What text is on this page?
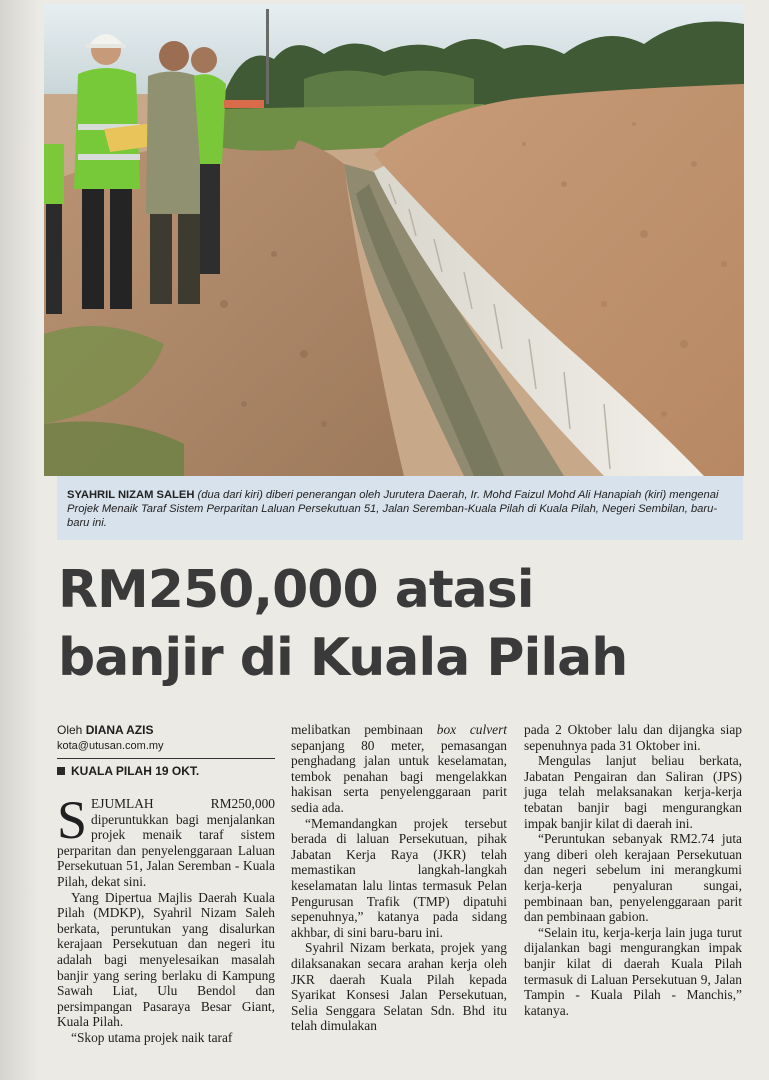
SYAHRIL NIZAM SALEH (dua dari kiri) diberi penerangan oleh Jurutera Daerah, Ir. Mohd Faizul Mohd Ali Hanapiah (kiri) mengenai Projek Menaik Taraf Sistem Perparitan Laluan Persekutuan 51, Jalan Seremban-Kuala Pilah di Kuala Pilah, Negeri Sembilan, baru-baru ini.
RM250,000 atasi
banjir di Kuala Pilah
Oleh DIANA AZIS
kota@utusan.com.my
KUALA PILAH 19 OKT.

SEJUMLAH RM250,000 diperuntukkan bagi menjalankan projek menaik taraf sistem perparitan dan penyelenggaraan Laluan Persekutuan 51, Jalan Seremban - Kuala Pilah, dekat sini.

Yang Dipertua Majlis Daerah Kuala Pilah (MDKP), Syahril Nizam Saleh berkata, peruntukan yang disalurkan kerajaan Persekutuan dan negeri itu adalah bagi menyelesaikan masalah banjir yang sering berlaku di Kampung Sawah Liat, Ulu Bendol dan persimpangan Pasaraya Besar Giant, Kuala Pilah.

“Skop utama projek naik taraf

melibatkan pembinaan box culvert sepanjang 80 meter, pemasangan penghadang jalan untuk keselamatan, tembok penahan bagi mengelakkan hakisan serta penyelenggaraan parit sedia ada.

“Memandangkan projek tersebut berada di laluan Persekutuan, pihak Jabatan Kerja Raya (JKR) telah memastikan langkah-langkah keselamatan lalu lintas termasuk Pelan Pengurusan Trafik (TMP) dipatuhi sepenuhnya,” katanya pada sidang akhbar, di sini baru-baru ini.

Syahril Nizam berkata, projek yang dilaksanakan secara arahan kerja oleh JKR daerah Kuala Pilah kepada Syarikat Konsesi Jalan Persekutuan, Selia Senggara Selatan Sdn. Bhd itu telah dimulakan

pada 2 Oktober lalu dan dijangka siap sepenuhnya pada 31 Oktober ini.

Mengulas lanjut beliau berkata, Jabatan Pengairan dan Saliran (JPS) juga telah melaksanakan kerja-kerja tebatan banjir bagi mengurangkan impak banjir kilat di daerah ini.

“Peruntukan sebanyak RM2.74 juta yang diberi oleh kerajaan Persekutuan dan negeri sebelum ini merangkumi kerja-kerja penyaluran sungai, pembinaan ban, penyelenggaraan parit dan pembinaan gabion.

“Selain itu, kerja-kerja lain juga turut dijalankan bagi mengurangkan impak banjir kilat di daerah Kuala Pilah termasuk di Laluan Persekutuan 9, Jalan Tampin - Kuala Pilah - Manchis,” katanya.
